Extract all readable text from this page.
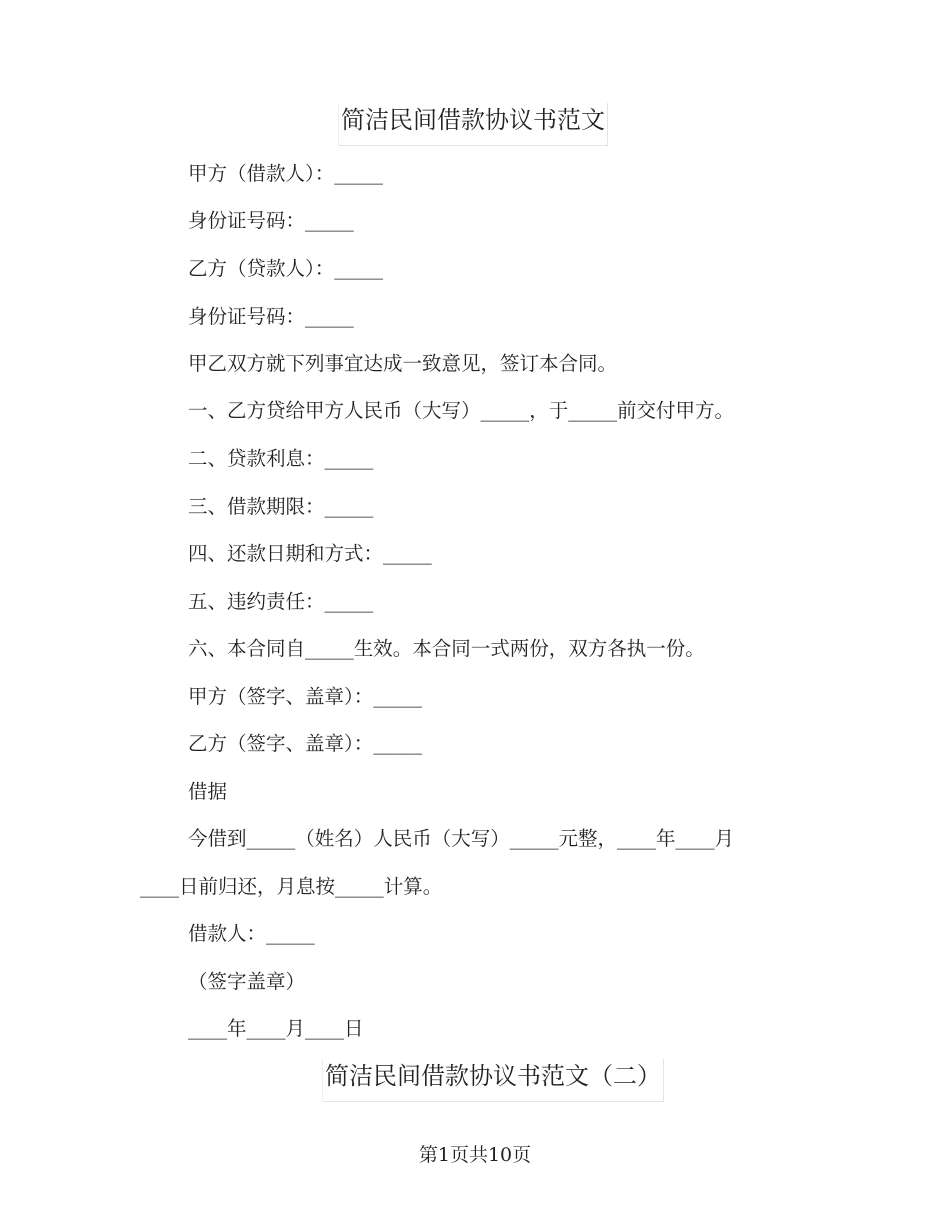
简洁民间借款协议书范文
甲方（借款人）：_____
身份证号码：_____
乙方（贷款人）：_____
身份证号码：_____
甲乙双方就下列事宜达成一致意见，签订本合同。
一、乙方贷给甲方人民币（大写）_____，于_____前交付甲方。
二、贷款利息：_____
三、借款期限：_____
四、还款日期和方式：_____
五、违约责任：_____
六、本合同自_____生效。本合同一式两份，双方各执一份。
甲方（签字、盖章）：_____
乙方（签字、盖章）：_____
借据
今借到_____（姓名）人民币（大写）_____元整，____年____月
____日前归还，月息按_____计算。
借款人：_____
（签字盖章）
____年____月____日
简洁民间借款协议书范文（二）
第1页共10页
